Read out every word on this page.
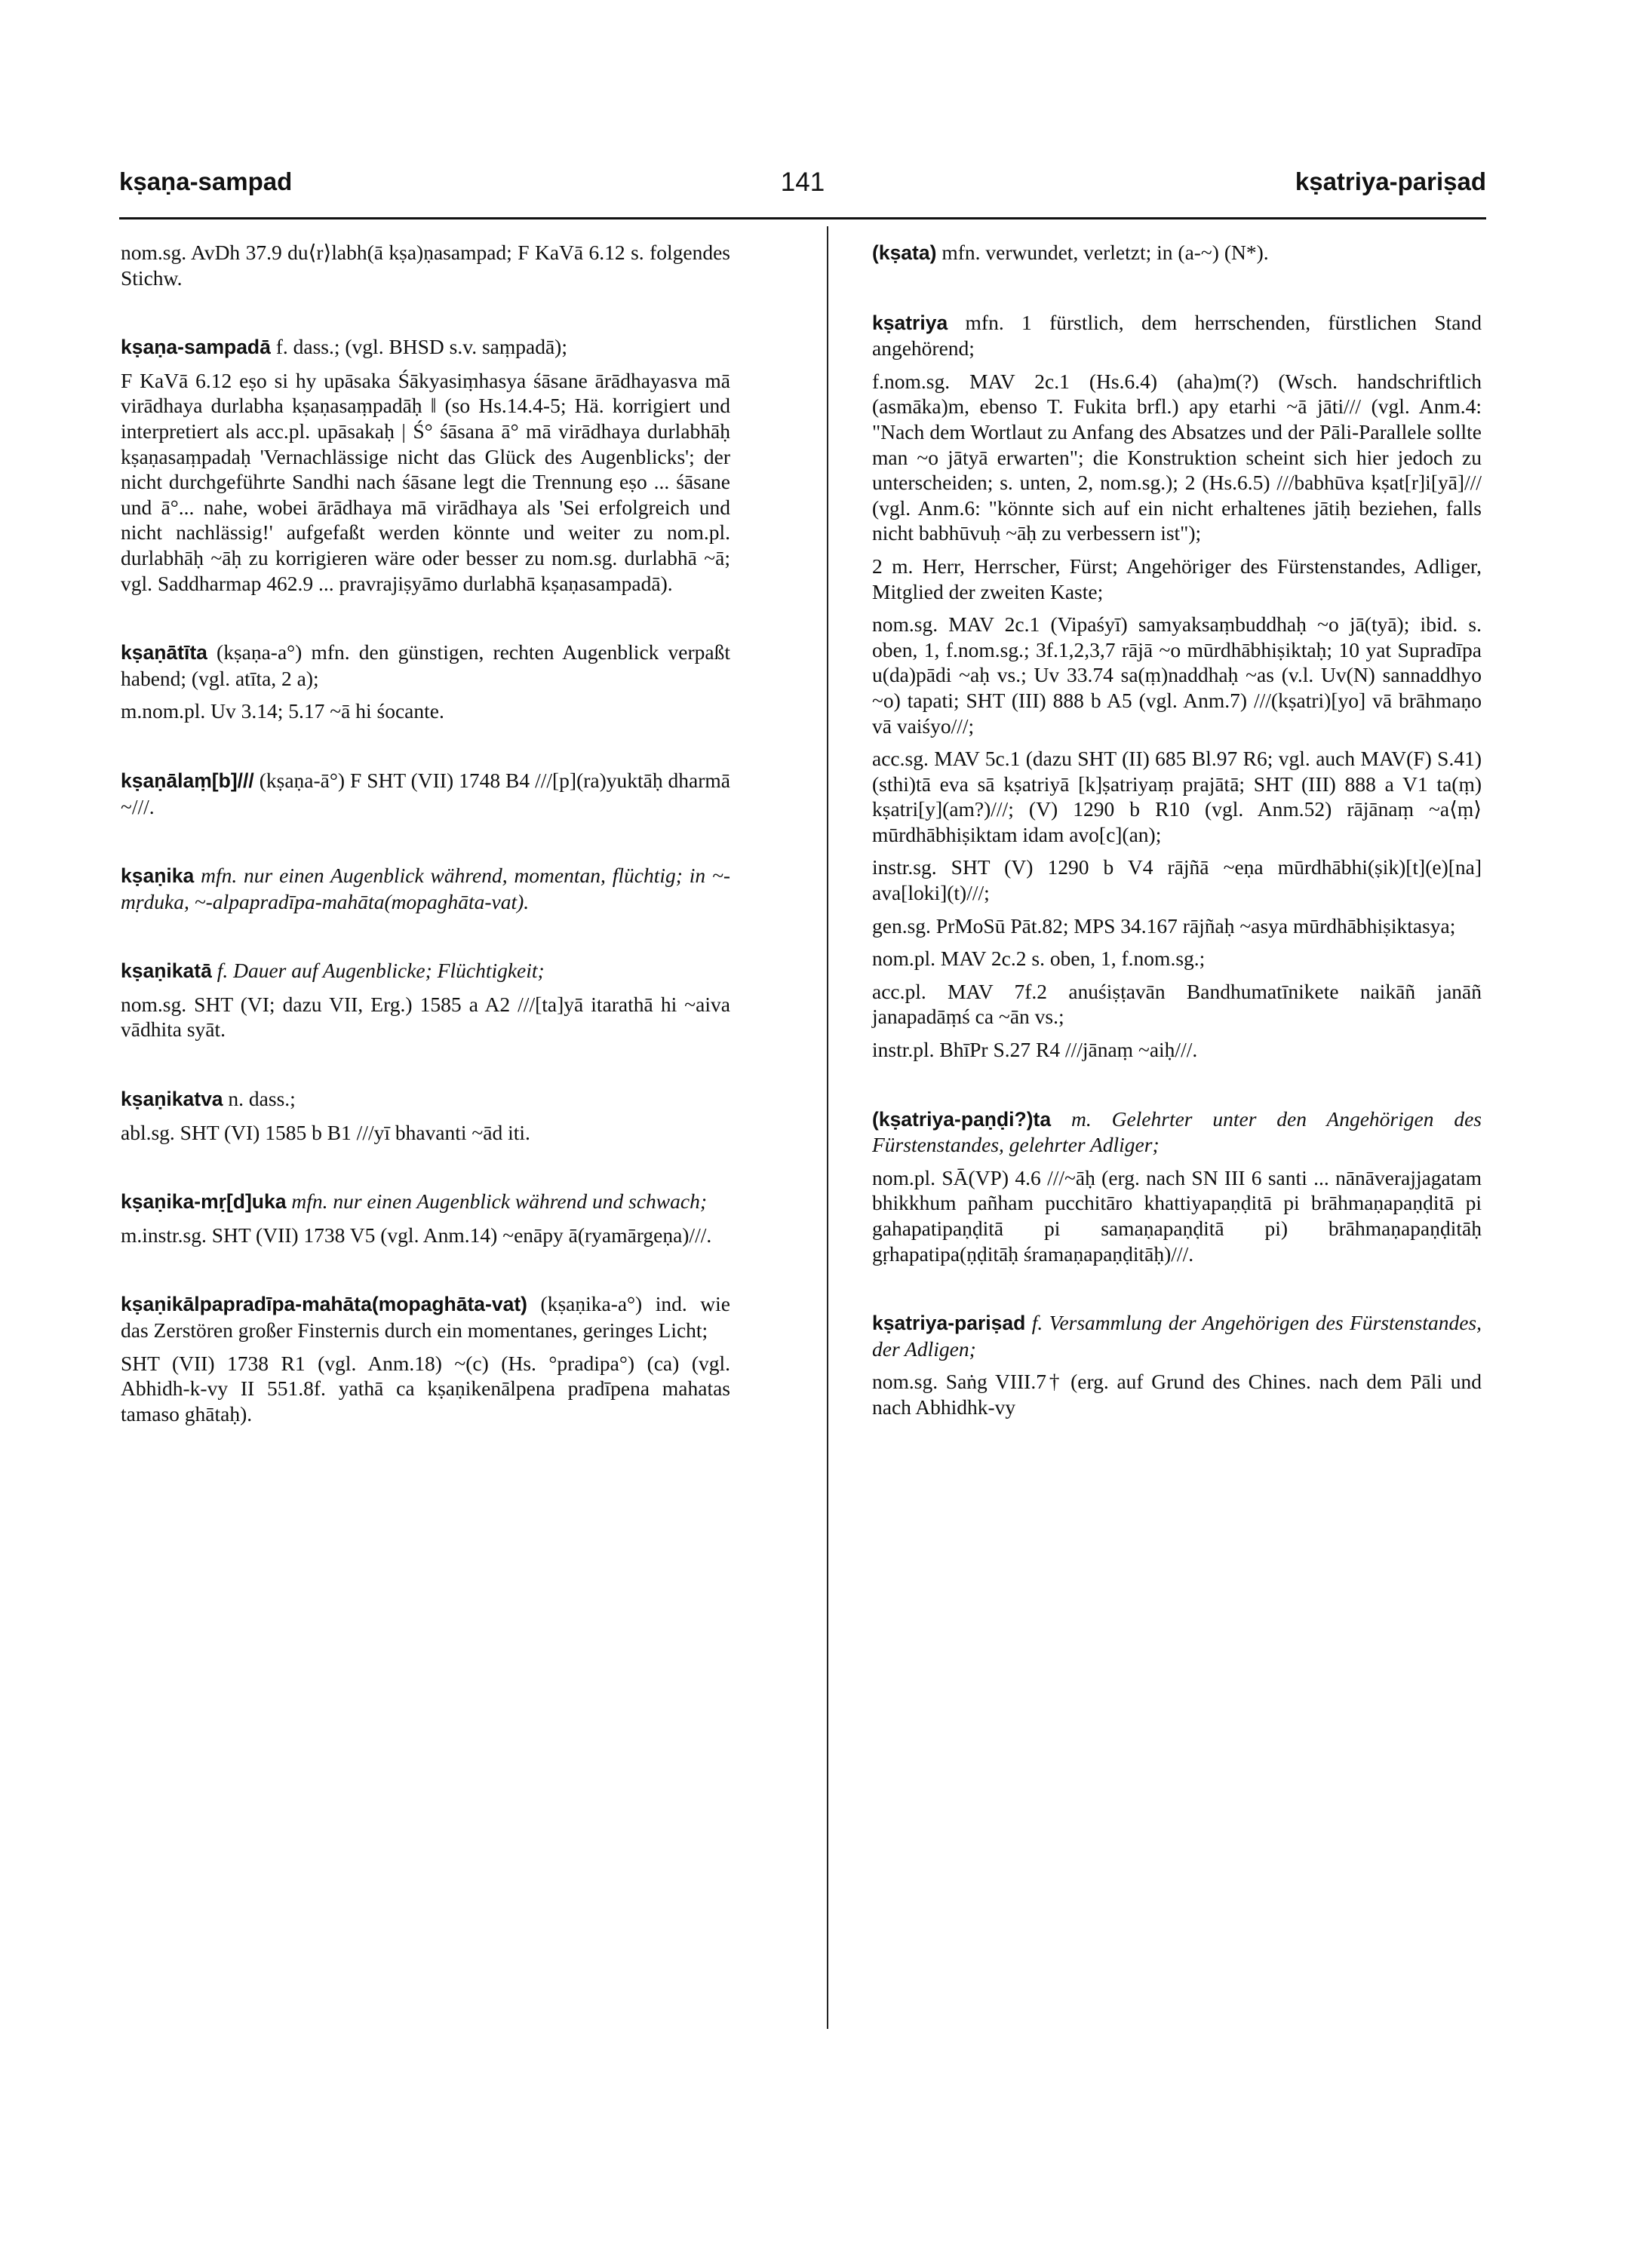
kṣaṇa-sampad	141	kṣatriya-pariṣad

nom.sg. AvDh 37.9 du⟨r⟩labh(ā kṣa)ṇasampad; F KaVā 6.12 s. folgendes Stichw.

kṣaṇa-sampadā f. dass.; (vgl. BHSD s.v. saṃpadā);

F KaVā 6.12 eṣo si hy upāsaka Śākyasiṃhasya śāsane ārādhayasva mā virādhaya durlabha kṣaṇasaṃpadāḥ ‖ (so Hs.14.4-5; Hä. korrigiert und interpretiert als acc.pl. upāsakaḥ | Ś° śāsana ā° mā virādhaya durlabhāḥ kṣaṇasaṃpadaḥ 'Vernachlässige nicht das Glück des Augenblicks'; der nicht durchgeführte Sandhi nach śāsane legt die Trennung eṣo ... śāsane und ā°... nahe, wobei ārādhaya mā virādhaya als 'Sei erfolgreich und nicht nachlässig!' aufgefaßt werden könnte und weiter zu nom.pl. durlabhāḥ ~āḥ zu korrigieren wäre oder besser zu nom.sg. durlabhā ~ā; vgl. Saddharmap 462.9 ... pravrajiṣyāmo durlabhā kṣaṇasampadā).

kṣaṇātīta (kṣaṇa-a°) mfn. den günstigen, rechten Augenblick verpaßt habend; (vgl. atīta, 2 a);

m.nom.pl. Uv 3.14; 5.17 ~ā hi śocante.

kṣaṇālaṃ[b]/// (kṣaṇa-ā°) F SHT (VII) 1748 B4 ///[p](ra)yuktāḥ dharmā ~///.

kṣaṇika mfn. nur einen Augenblick während, momentan, flüchtig; in ~-mṛduka, ~-alpapradīpa-mahāta(mopaghāta-vat).

kṣaṇikatā f. Dauer auf Augenblicke; Flüchtigkeit;

nom.sg. SHT (VI; dazu VII, Erg.) 1585 a A2 ///[ta]yā itarathā hi ~aiva vādhita syāt.

kṣaṇikatva n. dass.;

abl.sg. SHT (VI) 1585 b B1 ///yī bhavanti ~ād iti.

kṣaṇika-mṛ[d]uka mfn. nur einen Augenblick während und schwach;

m.instr.sg. SHT (VII) 1738 V5 (vgl. Anm.14) ~enāpy ā(ryamārgeṇa)///.

kṣaṇikālpapradīpa-mahāta(mopaghāta-vat) (kṣaṇika-a°) ind. wie das Zerstören großer Finsternis durch ein momentanes, geringes Licht;

SHT (VII) 1738 R1 (vgl. Anm.18) ~(c) (Hs. °pradipa°) (ca) (vgl. Abhidh-k-vy II 551.8f. yathā ca kṣaṇikenālpena pradīpena mahatas tamaso ghātaḥ).

(kṣata) mfn. verwundet, verletzt; in (a-~) (N*).

kṣatriya mfn. 1 fürstlich, dem herrschenden, fürstlichen Stand angehörend;

f.nom.sg. MAV 2c.1 (Hs.6.4) (aha)m(?) (Wsch. handschriftlich (asmāka)m, ebenso T. Fukita brfl.) apy etarhi ~ā jāti/// (vgl. Anm.4: "Nach dem Wortlaut zu Anfang des Absatzes und der Pāli-Parallele sollte man ~o jātyā erwarten"; die Konstruktion scheint sich hier jedoch zu unterscheiden; s. unten, 2, nom.sg.); 2 (Hs.6.5) ///babhūva kṣat[r]i[yā]/// (vgl. Anm.6: "könnte sich auf ein nicht erhaltenes jātiḥ beziehen, falls nicht babhūvuḥ ~āḥ zu verbessern ist");

2 m. Herr, Herrscher, Fürst; Angehöriger des Fürstenstandes, Adliger, Mitglied der zweiten Kaste;

nom.sg. MAV 2c.1 (Vipaśyī) samyaksaṃbuddhaḥ ~o jā(tyā); ibid. s. oben, 1, f.nom.sg.; 3f.1,2,3,7 rājā ~o mūrdhābhiṣiktaḥ; 10 yat Supradīpa u(da)pādi ~aḥ vs.; Uv 33.74 sa(ṃ)naddhaḥ ~as (v.l. Uv(N) sannaddhyo ~o) tapati; SHT (III) 888 b A5 (vgl. Anm.7) ///(kṣatri)[yo] vā brāhmaṇo vā vaiśyo///;

acc.sg. MAV 5c.1 (dazu SHT (II) 685 Bl.97 R6; vgl. auch MAV(F) S.41) (sthi)tā eva sā kṣatriyā [k]ṣatriyaṃ prajātā; SHT (III) 888 a V1 ta(ṃ) kṣatri[y](am?)///; (V) 1290 b R10 (vgl. Anm.52) rājānaṃ ~a⟨ṃ⟩ mūrdhābhiṣiktam idam avo[c](an);

instr.sg. SHT (V) 1290 b V4 rājñā ~eṇa mūrdhābhi(ṣik)[t](e)[na] ava[loki](t)///;

gen.sg. PrMoSū Pāt.82; MPS 34.167 rājñaḥ ~asya mūrdhābhiṣiktasya;

nom.pl. MAV 2c.2 s. oben, 1, f.nom.sg.;

acc.pl. MAV 7f.2 anuśiṣṭavān Bandhumatīnikete naikāñ janāñ janapadāṃś ca ~ān vs.;

instr.pl. BhīPr S.27 R4 ///jānaṃ ~aiḥ///.

(kṣatriya-paṇḍi?)ta m. Gelehrter unter den Angehörigen des Fürstenstandes, gelehrter Adliger;

nom.pl. SĀ(VP) 4.6 ///~āḥ (erg. nach SN III 6 santi ... nānāverajjagatam bhikkhum pañham pucchitāro khattiyapaṇḍitā pi brāhmaṇapaṇḍitā pi gahapatipaṇḍitā pi samaṇapaṇḍitā pi) brāhmaṇapaṇḍitāḥ gṛhapatipa(ṇḍitāḥ śramaṇapaṇḍitāḥ)///.

kṣatriya-pariṣad f. Versammlung der Angehörigen des Fürstenstandes, der Adligen;

nom.sg. Saṅg VIII.7† (erg. auf Grund des Chines. nach dem Pāli und nach Abhidhk-vy
